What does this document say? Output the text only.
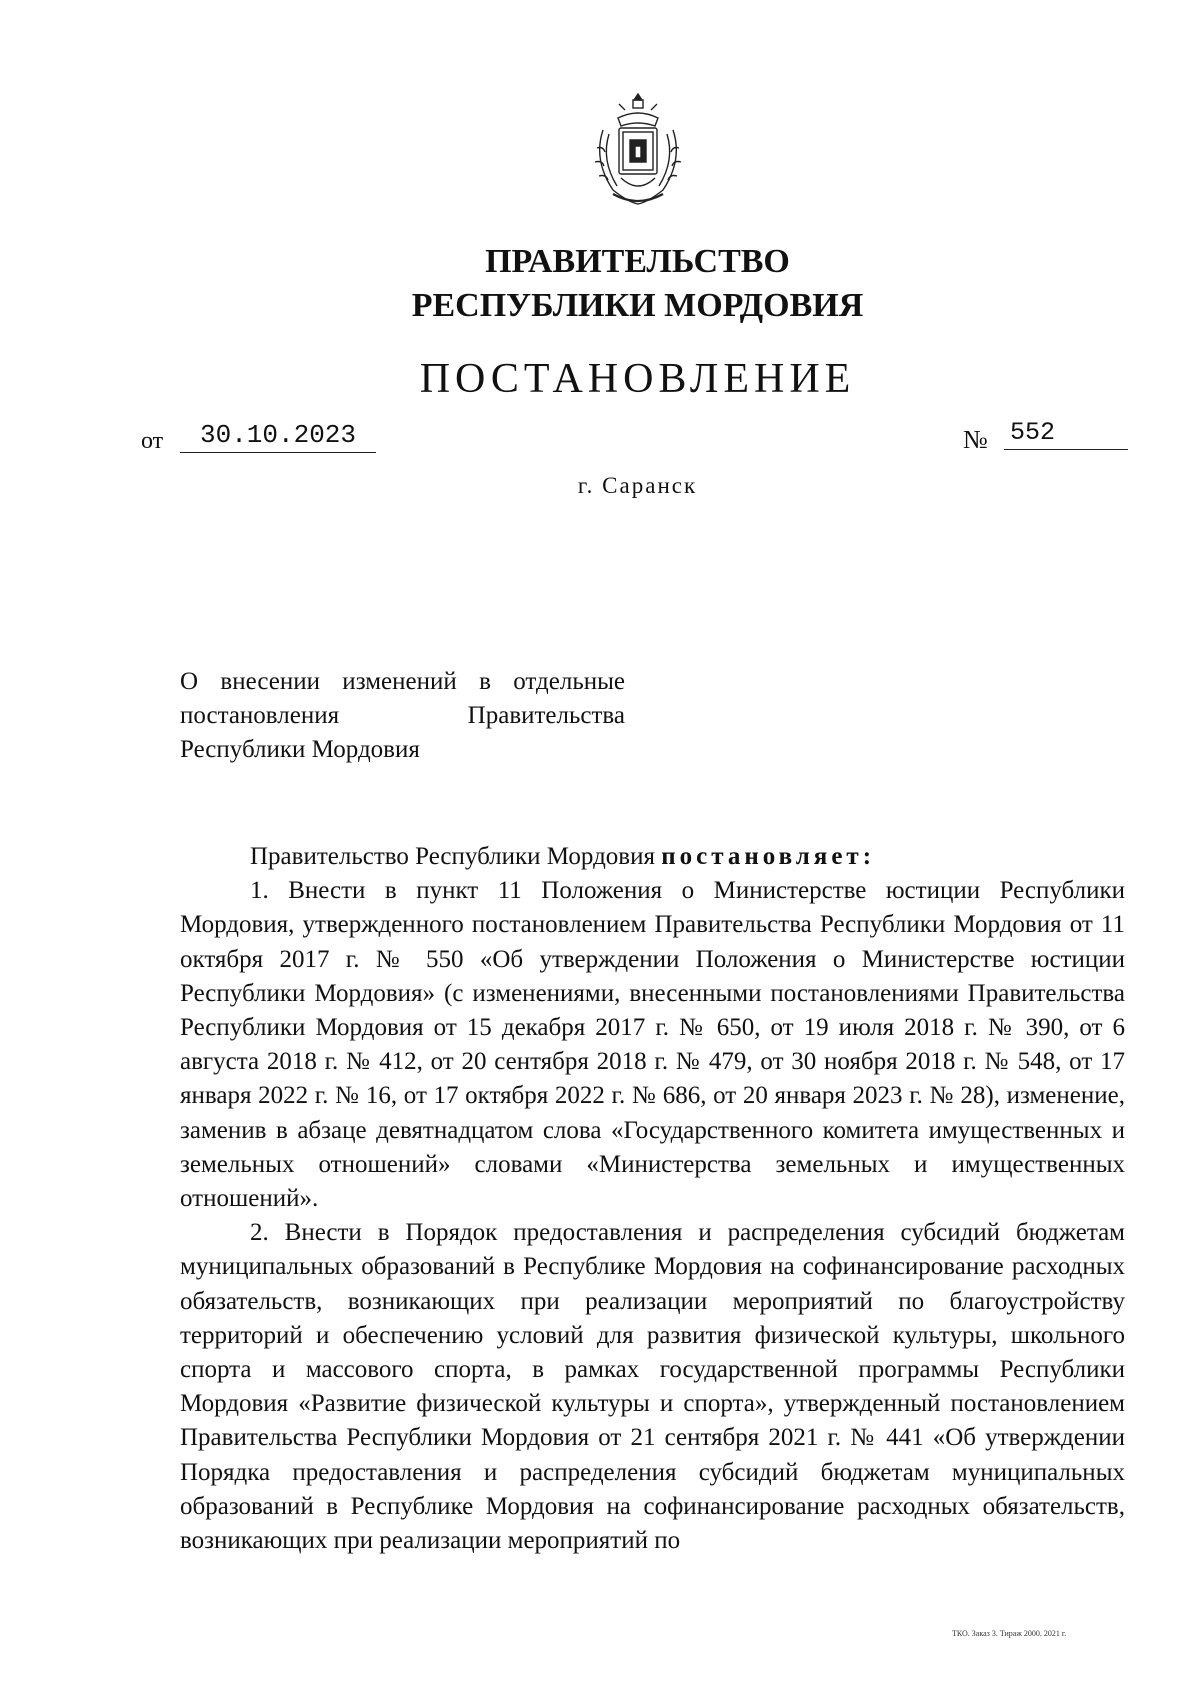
ПРАВИТЕЛЬСТВО
РЕСПУБЛИКИ МОРДОВИЯ
ПОСТАНОВЛЕНИЕ
от	30.10.2023	№ 552
г. Саранск
О внесении изменений в отдельные
постановления Правительства
Республики Мордовия

Правительство Республики Мордовия постановляет:

1. Внести в пункт 11 Положения о Министерстве юстиции Республики Мордовия, утвержденного постановлением Правительства Республики Мордовия от 11 октября 2017 г. № 550 «Об утверждении Положения о Министерстве юстиции Республики Мордовия» (с изменениями, внесенными постановлениями Правительства Республики Мордовия от 15 декабря 2017 г. № 650, от 19 июля 2018 г. № 390, от 6 августа 2018 г. № 412, от 20 сентября 2018 г. № 479, от 30 ноября 2018 г. № 548, от 17 января 2022 г. № 16, от 17 октября 2022 г. № 686, от 20 января 2023 г. № 28), изменение, заменив в абзаце девятнадцатом слова «Государственного комитета имущественных и земельных отношений» словами «Министерства земельных и имущественных отношений».

2. Внести в Порядок предоставления и распределения субсидий бюджетам муниципальных образований в Республике Мордовия на софинансирование расходных обязательств, возникающих при реализации мероприятий по благоустройству территорий и обеспечению условий для развития физической культуры, школьного спорта и массового спорта, в рамках государственной программы Республики Мордовия «Развитие физической культуры и спорта», утвержденный постановлением Правительства Республики Мордовия от 21 сентября 2021 г. № 441 «Об утверждении Порядка предоставления и распределения субсидий бюджетам муниципальных образований в Республике Мордовия на софинансирование расходных обязательств, возникающих при реализации мероприятий по

ТКО. Заказ 3. Тираж 2000. 2021 г.
